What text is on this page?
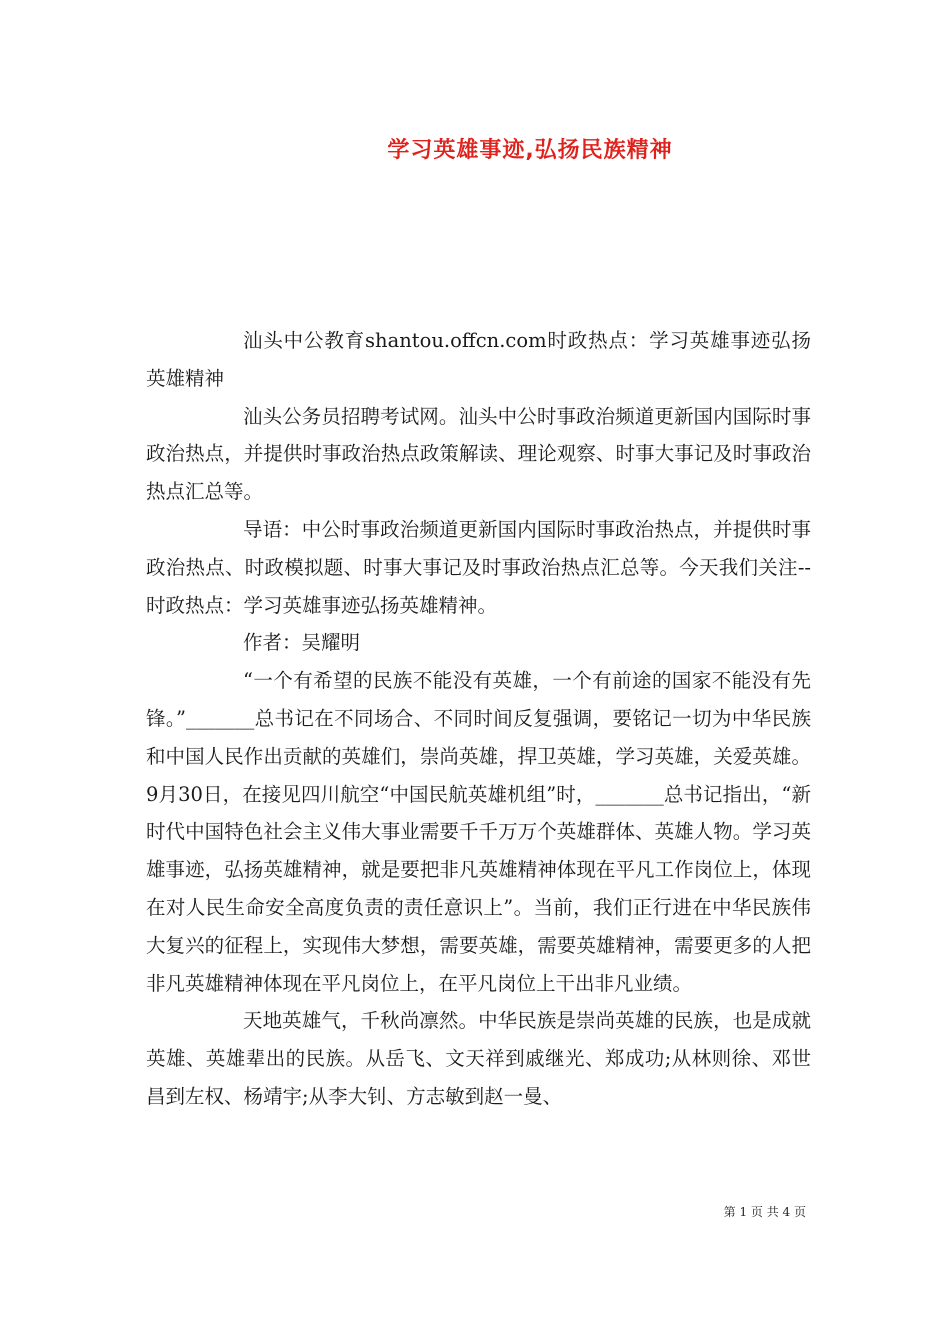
学习英雄事迹,弘扬民族精神

汕头中公教育shantou.offcn.com时政热点：学习英雄事迹弘扬英雄精神

汕头公务员招聘考试网。汕头中公时事政治频道更新国内国际时事政治热点，并提供时事政治热点政策解读、理论观察、时事大事记及时事政治热点汇总等。

导语：中公时事政治频道更新国内国际时事政治热点，并提供时事政治热点、时政模拟题、时事大事记及时事政治热点汇总等。今天我们关注--时政热点：学习英雄事迹弘扬英雄精神。

作者：吴耀明

“一个有希望的民族不能没有英雄，一个有前途的国家不能没有先锋。”_______总书记在不同场合、不同时间反复强调，要铭记一切为中华民族和中国人民作出贡献的英雄们，崇尚英雄，捍卫英雄，学习英雄，关爱英雄。9月30日，在接见四川航空“中国民航英雄机组”时，_______总书记指出，“新时代中国特色社会主义伟大事业需要千千万万个英雄群体、英雄人物。学习英雄事迹，弘扬英雄精神，就是要把非凡英雄精神体现在平凡工作岗位上，体现在对人民生命安全高度负责的责任意识上”。当前，我们正行进在中华民族伟大复兴的征程上，实现伟大梦想，需要英雄，需要英雄精神，需要更多的人把非凡英雄精神体现在平凡岗位上，在平凡岗位上干出非凡业绩。

天地英雄气，千秋尚凛然。中华民族是崇尚英雄的民族，也是成就英雄、英雄辈出的民族。从岳飞、文天祥到戚继光、郑成功;从林则徐、邓世昌到左权、杨靖宇;从李大钊、方志敏到赵一曼、

第 1 页 共 4 页
